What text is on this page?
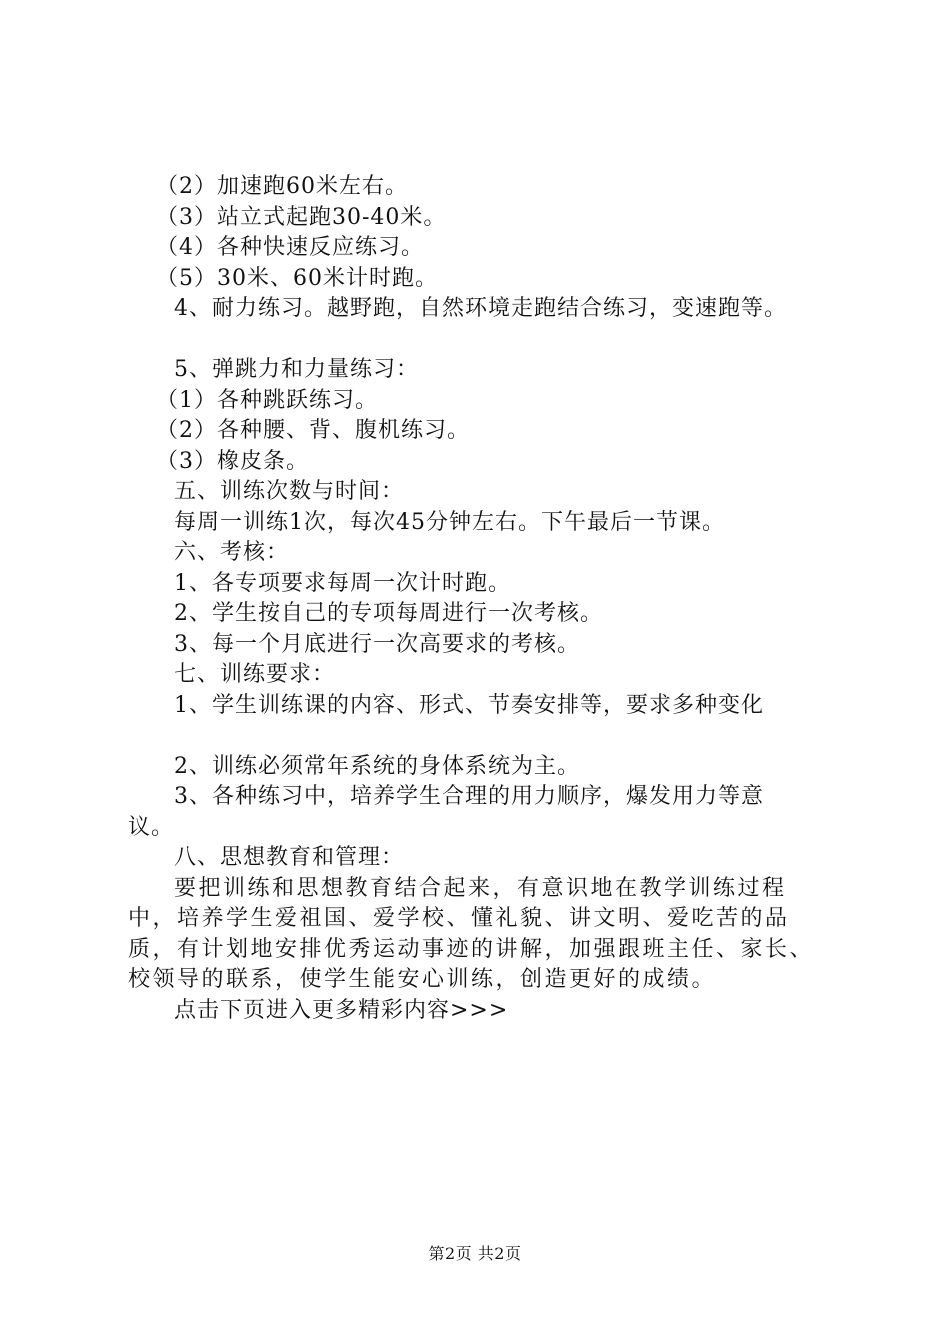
（2）加速跑60米左右。
（3）站立式起跑30-40米。
（4）各种快速反应练习。
（5）30米、60米计时跑。
4、耐力练习。越野跑，自然环境走跑结合练习，变速跑等。
5、弹跳力和力量练习：
（1）各种跳跃练习。
（2）各种腰、背、腹机练习。
（3）橡皮条。
五、训练次数与时间：
每周一训练1次，每次45分钟左右。下午最后一节课。
六、考核：
1、各专项要求每周一次计时跑。
2、学生按自己的专项每周进行一次考核。
3、每一个月底进行一次高要求的考核。
七、训练要求：
1、学生训练课的内容、形式、节奏安排等，要求多种变化
2、训练必须常年系统的身体系统为主。
3、各种练习中，培养学生合理的用力顺序，爆发用力等意
议。
八、思想教育和管理：
要把训练和思想教育结合起来，有意识地在教学训练过程
中，培养学生爱祖国、爱学校、懂礼貌、讲文明、爱吃苦的品
质，有计划地安排优秀运动事迹的讲解，加强跟班主任、家长、
校领导的联系，使学生能安心训练，创造更好的成绩。
点击下页进入更多精彩内容>>>
第2页 共2页
